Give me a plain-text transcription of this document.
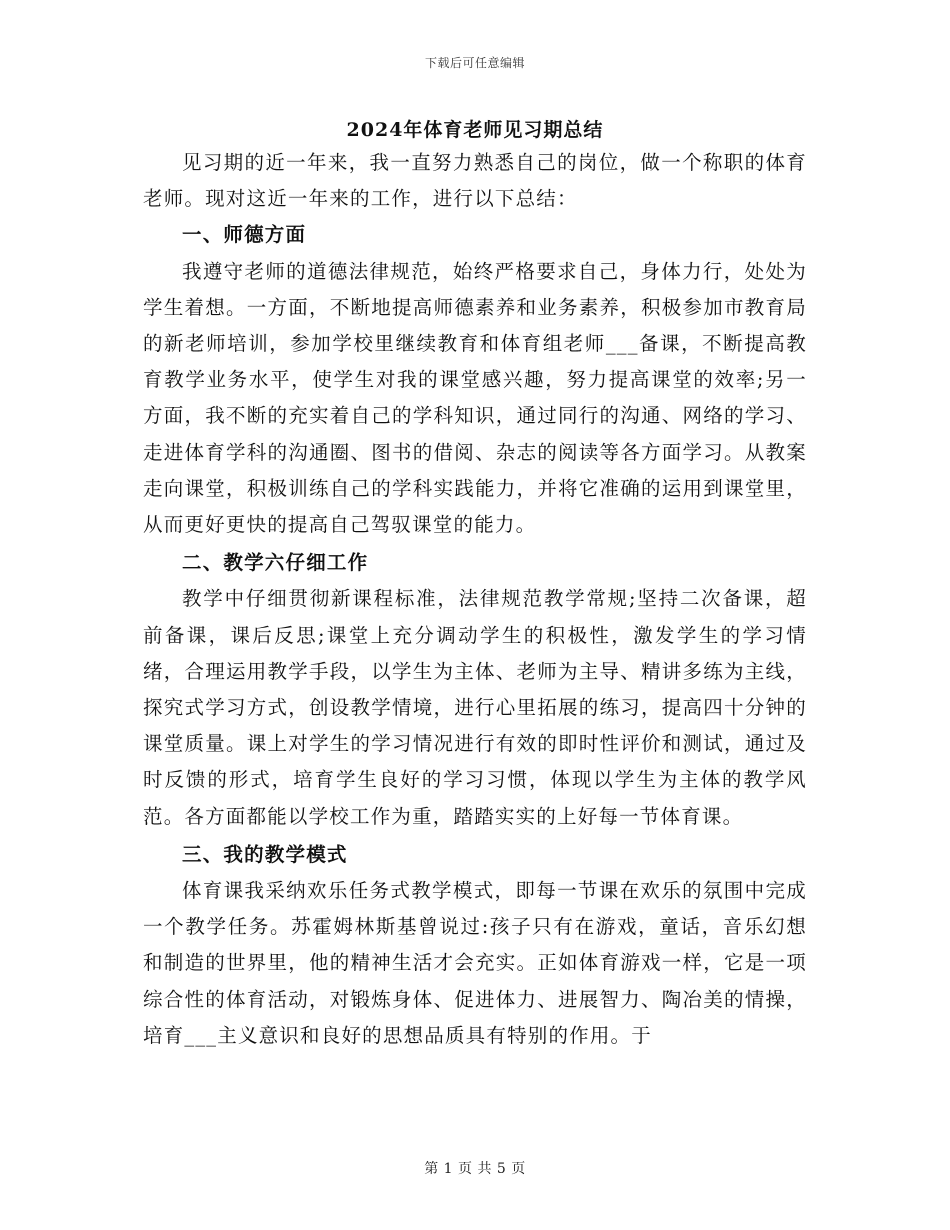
下载后可任意编辑
2024年体育老师见习期总结

见习期的近一年来，我一直努力熟悉自己的岗位，做一个称职的体育老师。现对这近一年来的工作，进行以下总结：

一、师德方面

我遵守老师的道德法律规范，始终严格要求自己，身体力行，处处为学生着想。一方面，不断地提高师德素养和业务素养，积极参加市教育局的新老师培训，参加学校里继续教育和体育组老师___备课，不断提高教育教学业务水平，使学生对我的课堂感兴趣，努力提高课堂的效率;另一方面，我不断的充实着自己的学科知识，通过同行的沟通、网络的学习、走进体育学科的沟通圈、图书的借阅、杂志的阅读等各方面学习。从教案走向课堂，积极训练自己的学科实践能力，并将它准确的运用到课堂里，从而更好更快的提高自己驾驭课堂的能力。

二、教学六仔细工作

教学中仔细贯彻新课程标准，法律规范教学常规;坚持二次备课，超前备课，课后反思;课堂上充分调动学生的积极性，激发学生的学习情绪，合理运用教学手段，以学生为主体、老师为主导、精讲多练为主线，探究式学习方式，创设教学情境，进行心里拓展的练习，提高四十分钟的课堂质量。课上对学生的学习情况进行有效的即时性评价和测试，通过及时反馈的形式，培育学生良好的学习习惯，体现以学生为主体的教学风范。各方面都能以学校工作为重，踏踏实实的上好每一节体育课。

三、我的教学模式

体育课我采纳欢乐任务式教学模式，即每一节课在欢乐的氛围中完成一个教学任务。苏霍姆林斯基曾说过:孩子只有在游戏，童话，音乐幻想和制造的世界里，他的精神生活才会充实。正如体育游戏一样，它是一项综合性的体育活动，对锻炼身体、促进体力、进展智力、陶冶美的情操，培育___主义意识和良好的思想品质具有特别的作用。于

第 1 页 共 5 页
